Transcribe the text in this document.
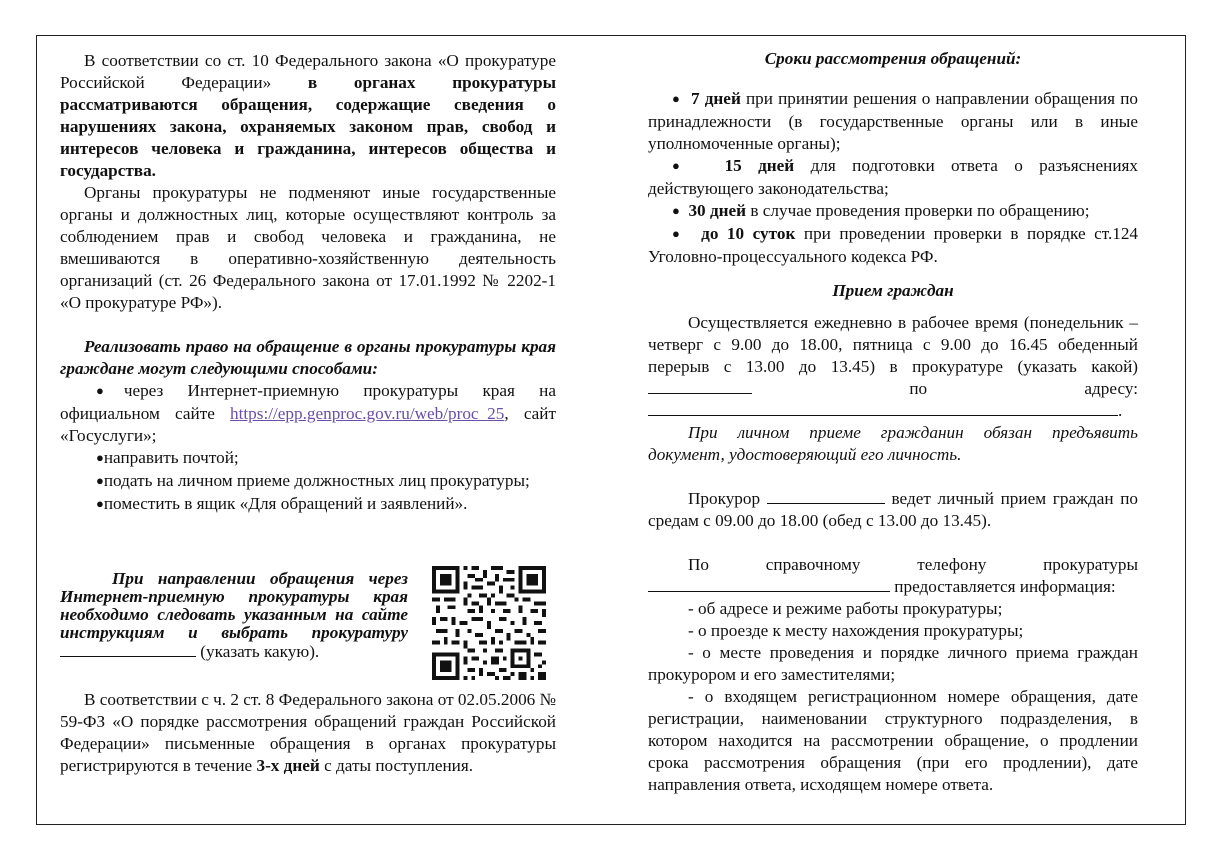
В соответствии со ст. 10 Федерального закона «О прокуратуре Российской Федерации» в органах прокуратуры рассматриваются обращения, содержащие сведения о нарушениях закона, охраняемых законом прав, свобод и интересов человека и гражданина, интересов общества и государства.

Органы прокуратуры не подменяют иные государственные органы и должностных лиц, которые осуществляют контроль за соблюдением прав и свобод человека и гражданина, не вмешиваются в оперативно-хозяйственную деятельность организаций (ст. 26 Федерального закона от 17.01.1992 № 2202-1 «О прокуратуре РФ»).

Реализовать право на обращение в органы прокуратуры края граждане могут следующими способами:

●через Интернет-приемную прокуратуры края на официальном сайте https://epp.genproc.gov.ru/web/proc_25, сайт «Госуслуги»;

●направить почтой;

●подать на личном приеме должностных лиц прокуратуры;

●поместить в ящик «Для обращений и заявлений».

При направлении обращения через Интернет-приемную прокуратуры края необходимо следовать указанным на сайте инструкциям и выбрать прокуратуру  (указать какую).

В соответствии с ч. 2 ст. 8 Федерального закона от 02.05.2006 № 59-ФЗ «О порядке рассмотрения обращений граждан Российской Федерации» письменные обращения в органах прокуратуры регистрируются в течение 3-х дней с даты поступления.

Сроки рассмотрения обращений:

● 7 дней при принятии решения о направлении обращения по принадлежности (в государственные органы или в иные уполномоченные органы);

● 15 дней для подготовки ответа о разъяснениях действующего законодательства;

● 30 дней в случае проведения проверки по обращению;

● до 10 суток при проведении проверки в порядке ст.124 Уголовно-процессуального кодекса РФ.

Прием граждан

Осуществляется ежедневно в рабочее время (понедельник – четверг с 9.00 до 18.00, пятница с 9.00 до 16.45 обеденный перерыв с 13.00 до 13.45) в прокуратуре (указать какой)  по адресу: .

При личном приеме гражданин обязан предъявить документ, удостоверяющий его личность.

Прокурор	ведет личный прием граждан по средам с 09.00 до 18.00 (обед с 13.00 до 13.45).

По справочному телефону прокуратуры

предоставляется информация:

- об адресе и режиме работы прокуратуры;

- о проезде к месту нахождения прокуратуры;

- о месте проведения и порядке личного приема граждан прокурором и его заместителями;

- о входящем регистрационном номере обращения, дате регистрации, наименовании структурного подразделения, в котором находится на рассмотрении обращение, о продлении срока рассмотрения обращения (при его продлении), дате направления ответа, исходящем номере ответа.
